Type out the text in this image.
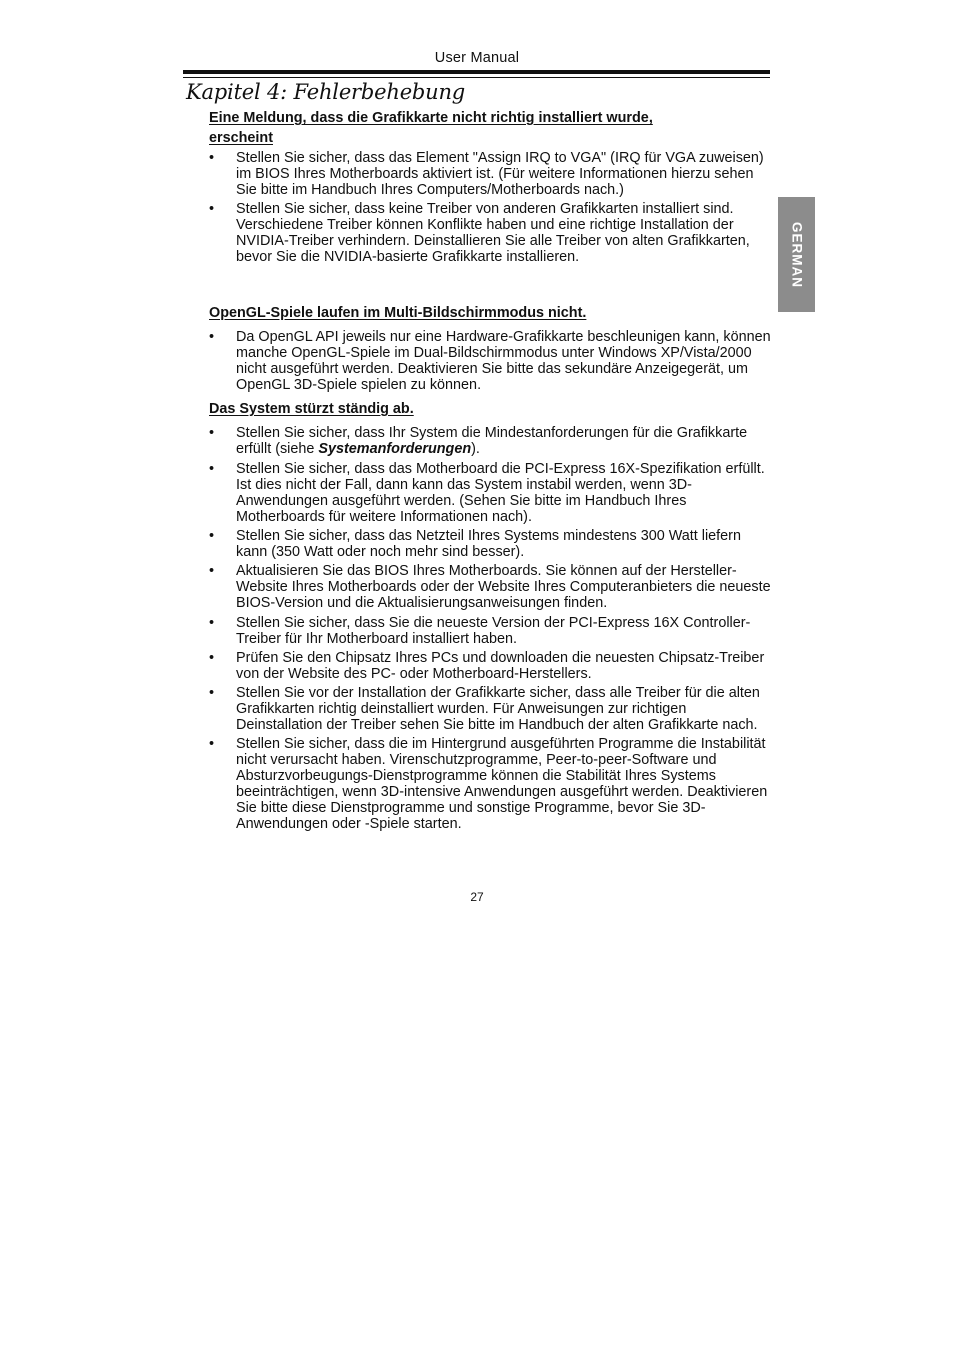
User Manual
Kapitel 4: Fehlerbehebung
GERMAN
Eine Meldung, dass die Grafikkarte nicht richtig installiert wurde,
erscheint
• Stellen Sie sicher, dass das Element "Assign IRQ to VGA" (IRQ für VGA zuweisen) im BIOS Ihres Motherboards aktiviert ist. (Für weitere Informationen hierzu sehen Sie bitte im Handbuch Ihres Computers/Motherboards nach.)
• Stellen Sie sicher, dass keine Treiber von anderen Grafikkarten installiert sind. Verschiedene Treiber können Konflikte haben und eine richtige Installation der NVIDIA-Treiber verhindern. Deinstallieren Sie alle Treiber von alten Grafikkarten, bevor Sie die NVIDIA-basierte Grafikkarte installieren.
OpenGL-Spiele laufen im Multi-Bildschirmmodus nicht.
• Da OpenGL API jeweils nur eine Hardware-Grafikkarte beschleunigen kann, können manche OpenGL-Spiele im Dual-Bildschirmmodus unter Windows XP/Vista/2000 nicht ausgeführt werden. Deaktivieren Sie bitte das sekundäre Anzeigegerät, um OpenGL 3D-Spiele spielen zu können.
Das System stürzt ständig ab.
• Stellen Sie sicher, dass Ihr System die Mindestanforderungen für die Grafikkarte erfüllt (siehe Systemanforderungen).
• Stellen Sie sicher, dass das Motherboard die PCI-Express 16X-Spezifikation erfüllt. Ist dies nicht der Fall, dann kann das System instabil werden, wenn 3D-Anwendungen ausgeführt werden. (Sehen Sie bitte im Handbuch Ihres Motherboards für weitere Informationen nach).
• Stellen Sie sicher, dass das Netzteil Ihres Systems mindestens 300 Watt liefern kann (350 Watt oder noch mehr sind besser).
• Aktualisieren Sie das BIOS Ihres Motherboards. Sie können auf der Hersteller-Website Ihres Motherboards oder der Website Ihres Computeranbieters die neueste BIOS-Version und die Aktualisierungsanweisungen finden.
• Stellen Sie sicher, dass Sie die neueste Version der PCI-Express 16X Controller-Treiber für Ihr Motherboard installiert haben.
• Prüfen Sie den Chipsatz Ihres PCs und downloaden die neuesten Chipsatz-Treiber von der Website des PC- oder Motherboard-Herstellers.
• Stellen Sie vor der Installation der Grafikkarte sicher, dass alle Treiber für die alten Grafikkarten richtig deinstalliert wurden. Für Anweisungen zur richtigen Deinstallation der Treiber sehen Sie bitte im Handbuch der alten Grafikkarte nach.
• Stellen Sie sicher, dass die im Hintergrund ausgeführten Programme die Instabilität nicht verursacht haben. Virenschutzprogramme, Peer-to-peer-Software und Absturzvorbeugungs-Dienstprogramme können die Stabilität Ihres Systems beeinträchtigen, wenn 3D-intensive Anwendungen ausgeführt werden. Deaktivieren Sie bitte diese Dienstprogramme und sonstige Programme, bevor Sie 3D-Anwendungen oder -Spiele starten.
27
